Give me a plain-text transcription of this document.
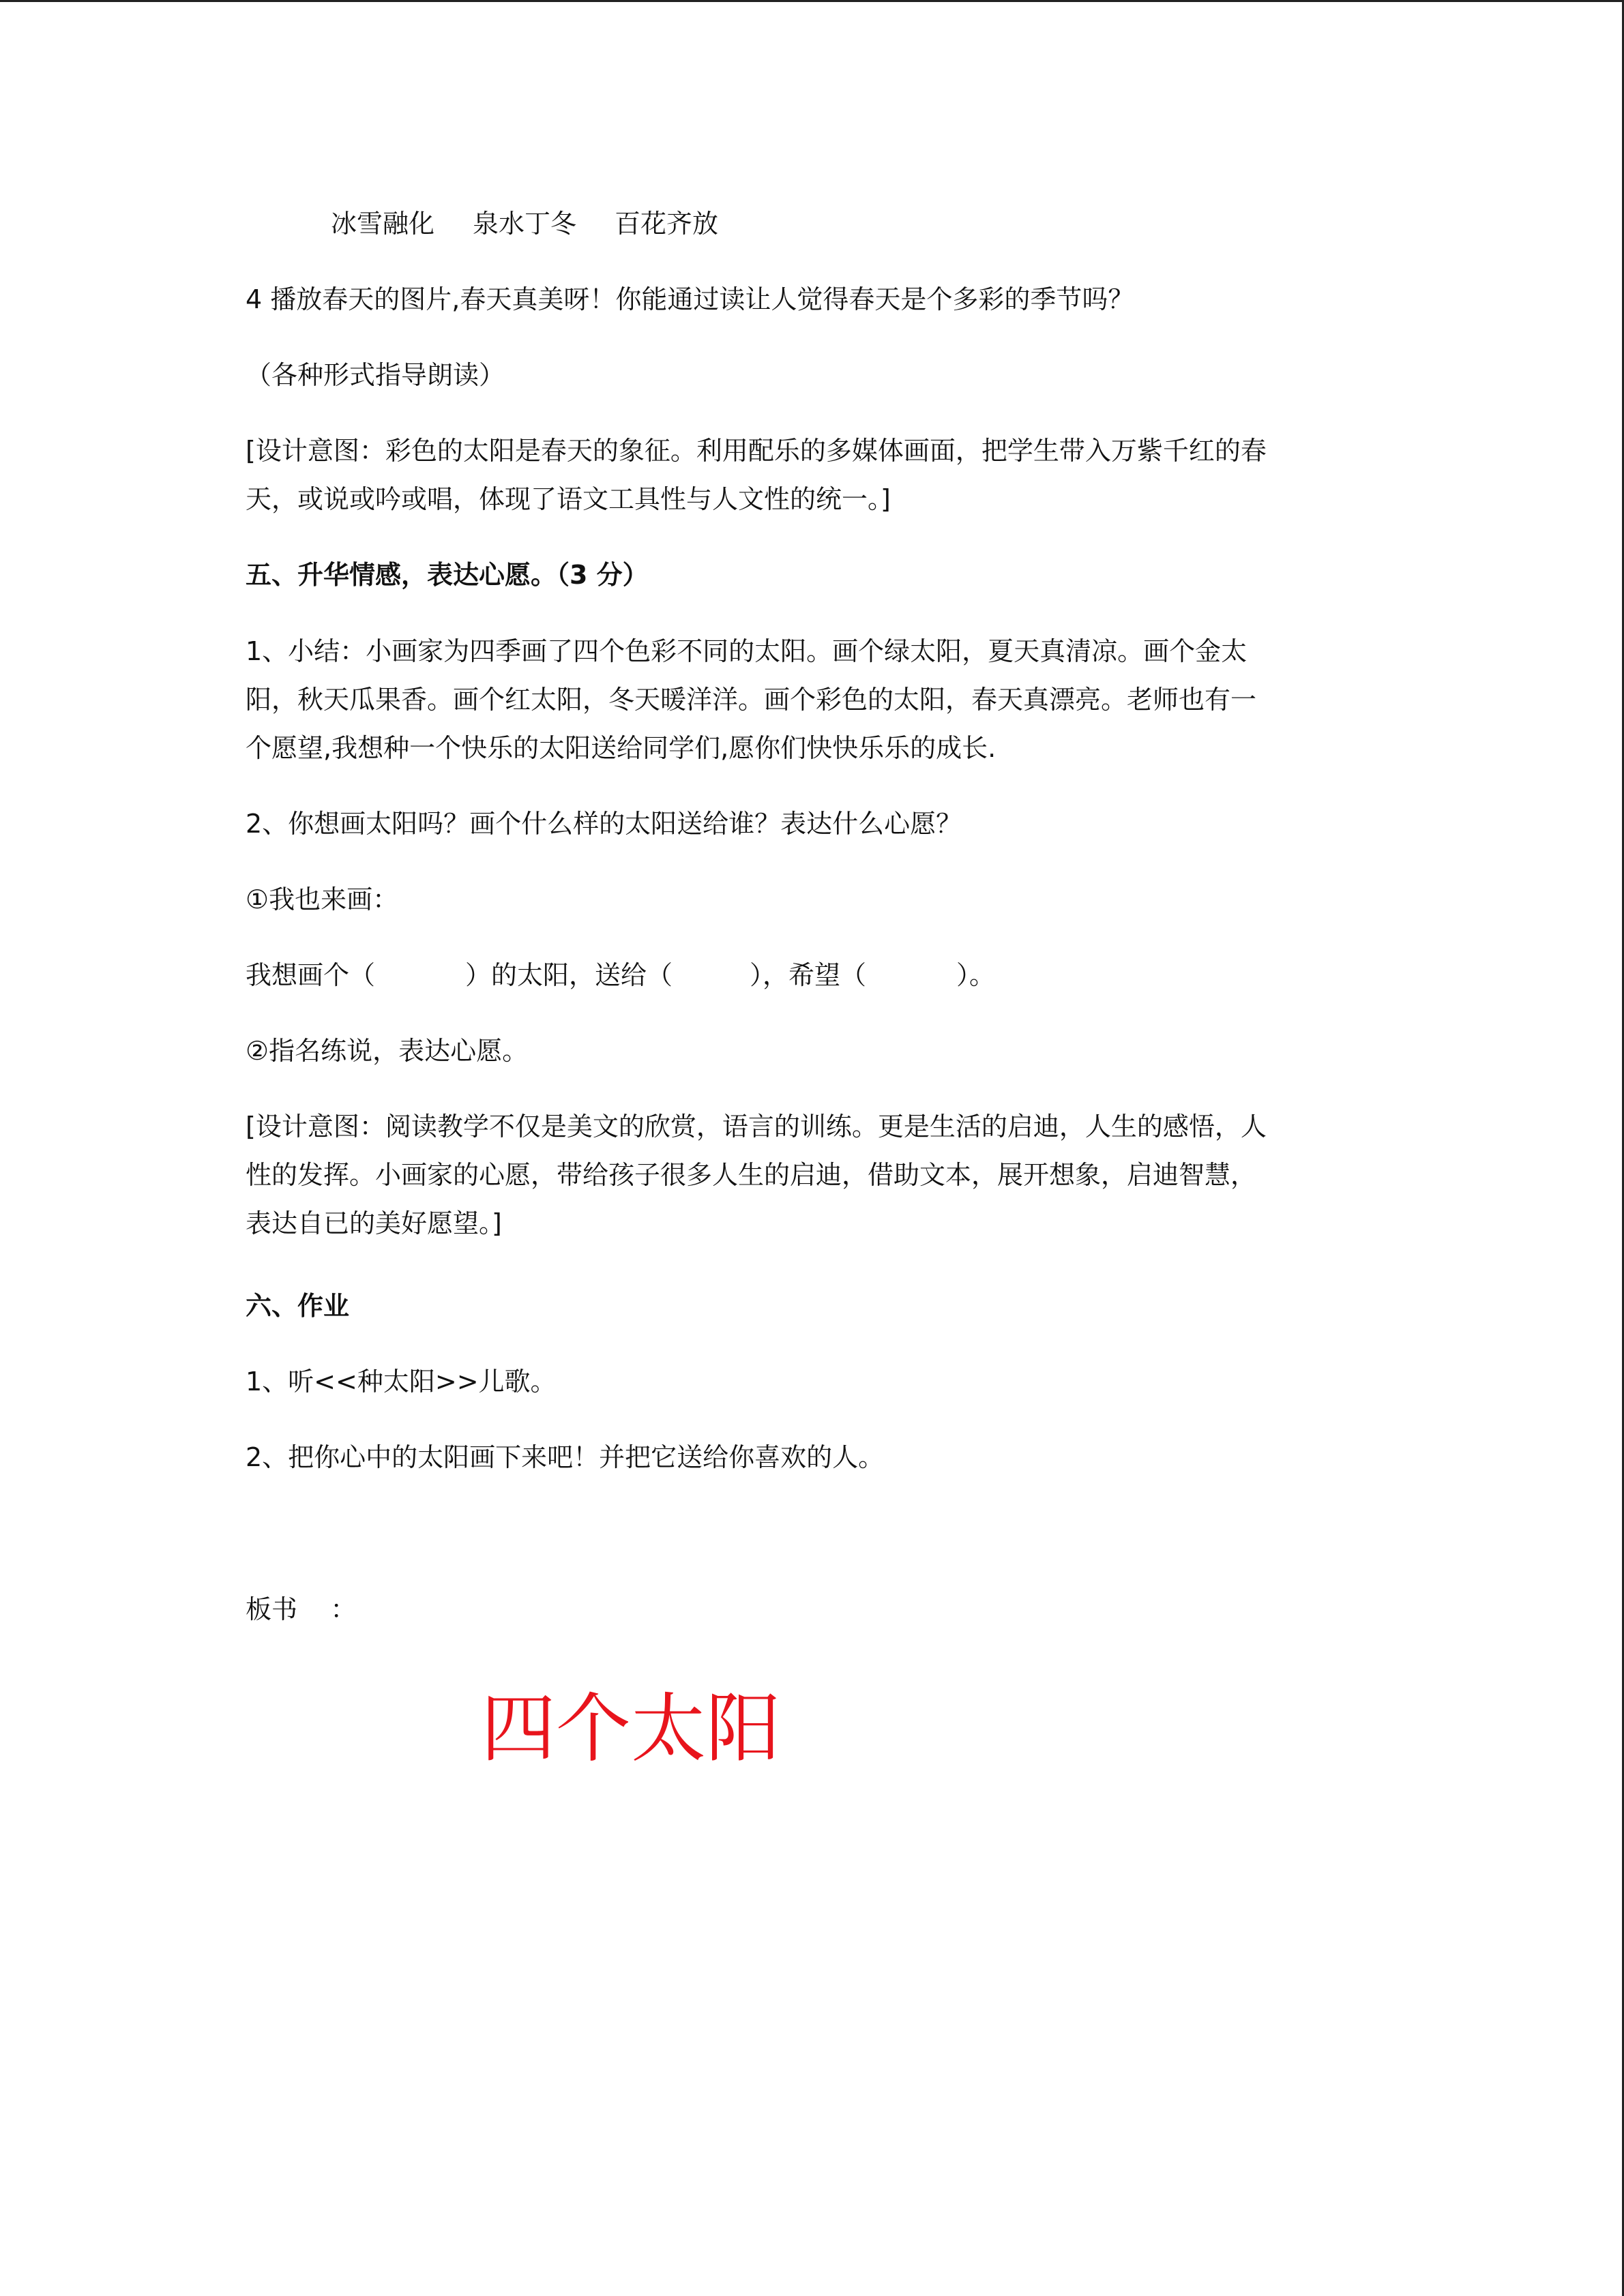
冰雪融化 泉水丁冬 百花齐放
4 播放春天的图片,春天真美呀！你能通过读让人觉得春天是个多彩的季节吗？
（各种形式指导朗读）
[设计意图：彩色的太阳是春天的象征。利用配乐的多媒体画面，把学生带入万紫千红的春
天，或说或吟或唱，体现了语文工具性与人文性的统一。]
五、升华情感，表达心愿。（3 分）
1、小结：小画家为四季画了四个色彩不同的太阳。画个绿太阳，夏天真清凉。画个金太
阳，秋天瓜果香。画个红太阳，冬天暖洋洋。画个彩色的太阳，春天真漂亮。老师也有一
个愿望,我想种一个快乐的太阳送给同学们,愿你们快快乐乐的成长.
2、你想画太阳吗？画个什么样的太阳送给谁？表达什么心愿？
①我也来画：
我想画个（	）的太阳，送给（	），希望（	）。
②指名练说，表达心愿。
[设计意图：阅读教学不仅是美文的欣赏，语言的训练。更是生活的启迪，人生的感悟，人
性的发挥。小画家的心愿，带给孩子很多人生的启迪，借助文本，展开想象，启迪智慧，
表达自已的美好愿望。]
六、作业
1、听<<种太阳>>儿歌。
2、把你心中的太阳画下来吧！并把它送给你喜欢的人。
板书    ：
四个太阳
